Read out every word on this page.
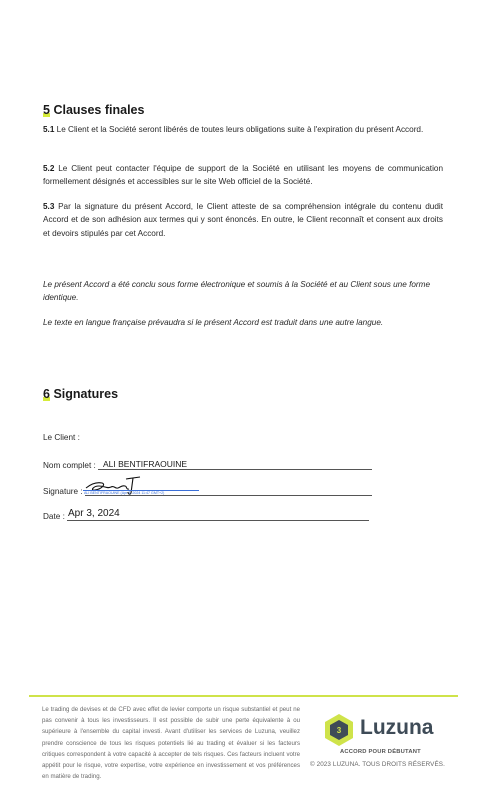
5 Clauses finales
5.1 Le Client et la Société seront libérés de toutes leurs obligations suite à l'expiration du présent Accord.
5.2 Le Client peut contacter l'équipe de support de la Société en utilisant les moyens de communication formellement désignés et accessibles sur le site Web officiel de la Société.
5.3 Par la signature du présent Accord, le Client atteste de sa compréhension intégrale du contenu dudit Accord et de son adhésion aux termes qui y sont énoncés. En outre, le Client reconnaît et consent aux droits et devoirs stipulés par cet Accord.
Le présent Accord a été conclu sous forme électronique et soumis à la Société et au Client sous une forme identique.
Le texte en langue française prévaudra si le présent Accord est traduit dans une autre langue.
6 Signatures
Le Client :
Nom complet : ALI BENTIFRAOUINE
Signature : ALI BENTIFRAOUINE (Apr 3, 2024 11:47 GMT+2)
Date : Apr 3, 2024
Le trading de devises et de CFD avec effet de levier comporte un risque substantiel et peut ne pas convenir à tous les investisseurs. Il est possible de subir une perte équivalente à ou supérieure à l'ensemble du capital investi. Avant d'utiliser les services de Luzuna, veuillez prendre conscience de tous les risques potentiels lié au trading et évaluer si les facteurs critiques correspondent à votre capacité à accepter de tels risques. Ces facteurs incluent votre appétit pour le risque, votre expertise, votre expérience en investissement et vos préférences en matière de trading.
3 Luzuna
ACCORD POUR DÉBUTANT
© 2023 LUZUNA. TOUS DROITS RÉSERVÉS.
